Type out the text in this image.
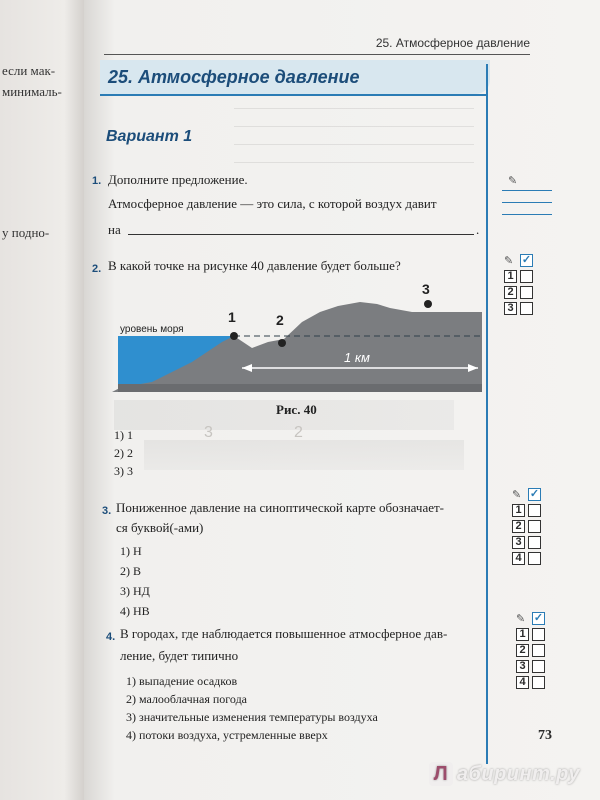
если мак-
минималь-
у подно-
25. Атмосферное давление
25. Атмосферное давление
Вариант 1
1. Дополните предложение.
Атмосферное давление — это сила, с которой воздух давит
на	.
✎
2. В какой точке на рисунке 40 давление будет больше?
1	2
3
уровень моря
1 км
Рис. 40
1) 1
2) 2
3) 3
3	2
✎ ✓
1
2
3
3. Пониженное давление на синоптической карте обозначает-
ся буквой(-ами)
1) Н
2) В
3) НД
4) НВ
✎ ✓
1
2
3
4
4. В городах, где наблюдается повышенное атмосферное дав-
ление, будет типично
1) выпадение осадков
2) малооблачная погода
3) значительные изменения температуры воздуха
4) потоки воздуха, устремленные вверх
✎ ✓
1
2
3
4
73
Л абиринт.ру
